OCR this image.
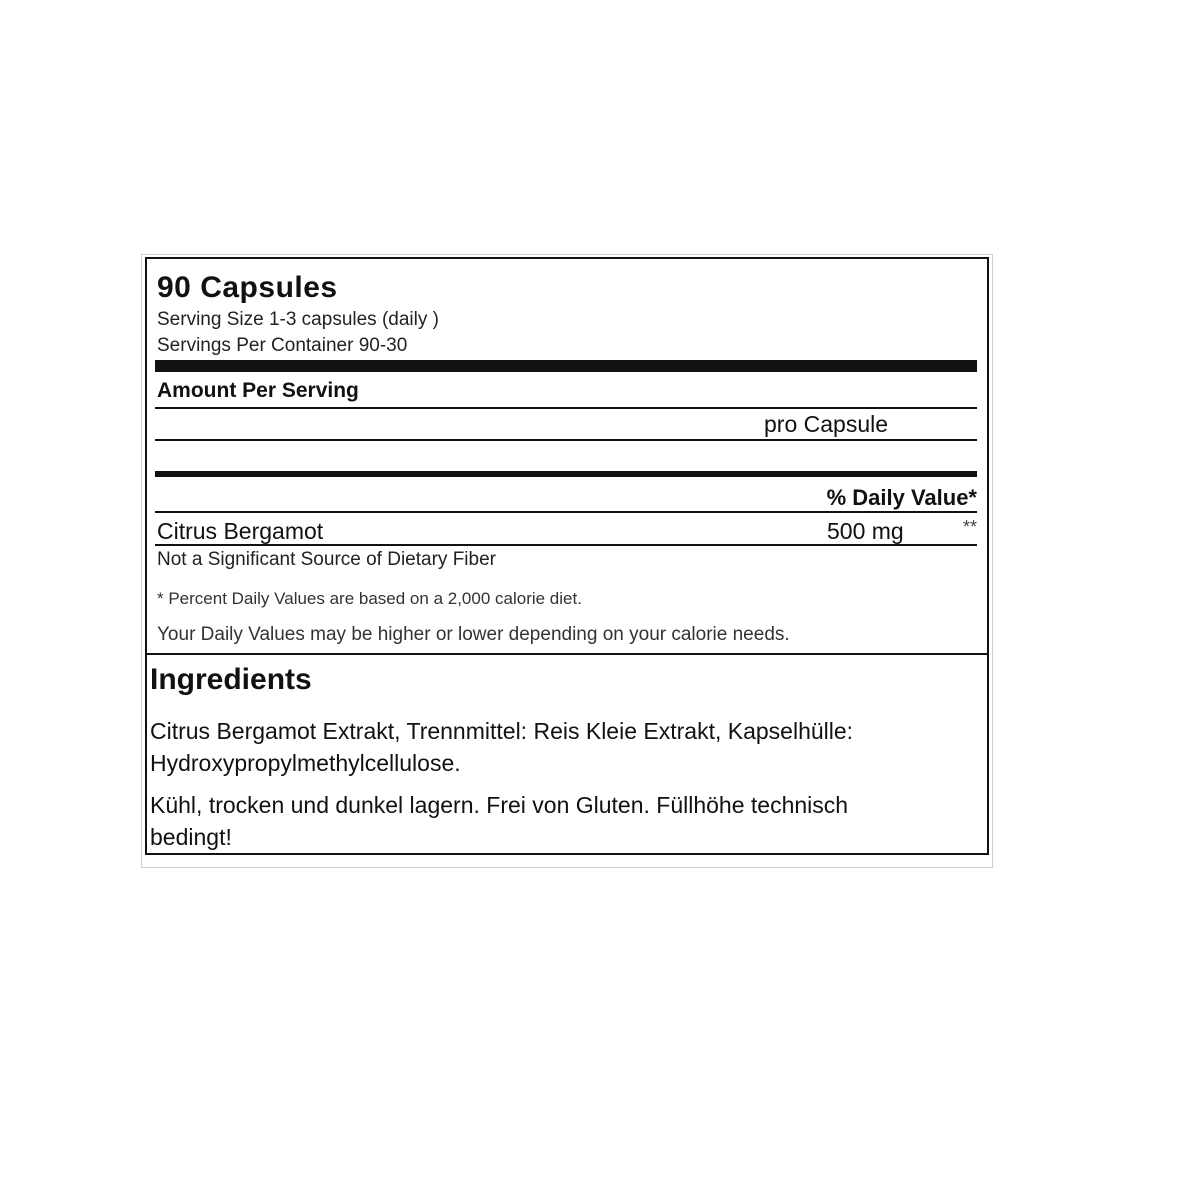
90 Capsules
Serving Size 1-3 capsules (daily )
Servings Per Container 90-30
Amount Per Serving
pro Capsule
% Daily Value*
Citrus Bergamot	500 mg	**
Not a Significant Source of Dietary Fiber
* Percent Daily Values are based on a 2,000 calorie diet.
Your Daily Values may be higher or lower depending on your calorie needs.
Ingredients
Citrus Bergamot Extrakt, Trennmittel: Reis Kleie Extrakt, Kapselhülle: Hydroxypropylmethylcellulose.
Kühl, trocken und dunkel lagern. Frei von Gluten. Füllhöhe technisch bedingt!
